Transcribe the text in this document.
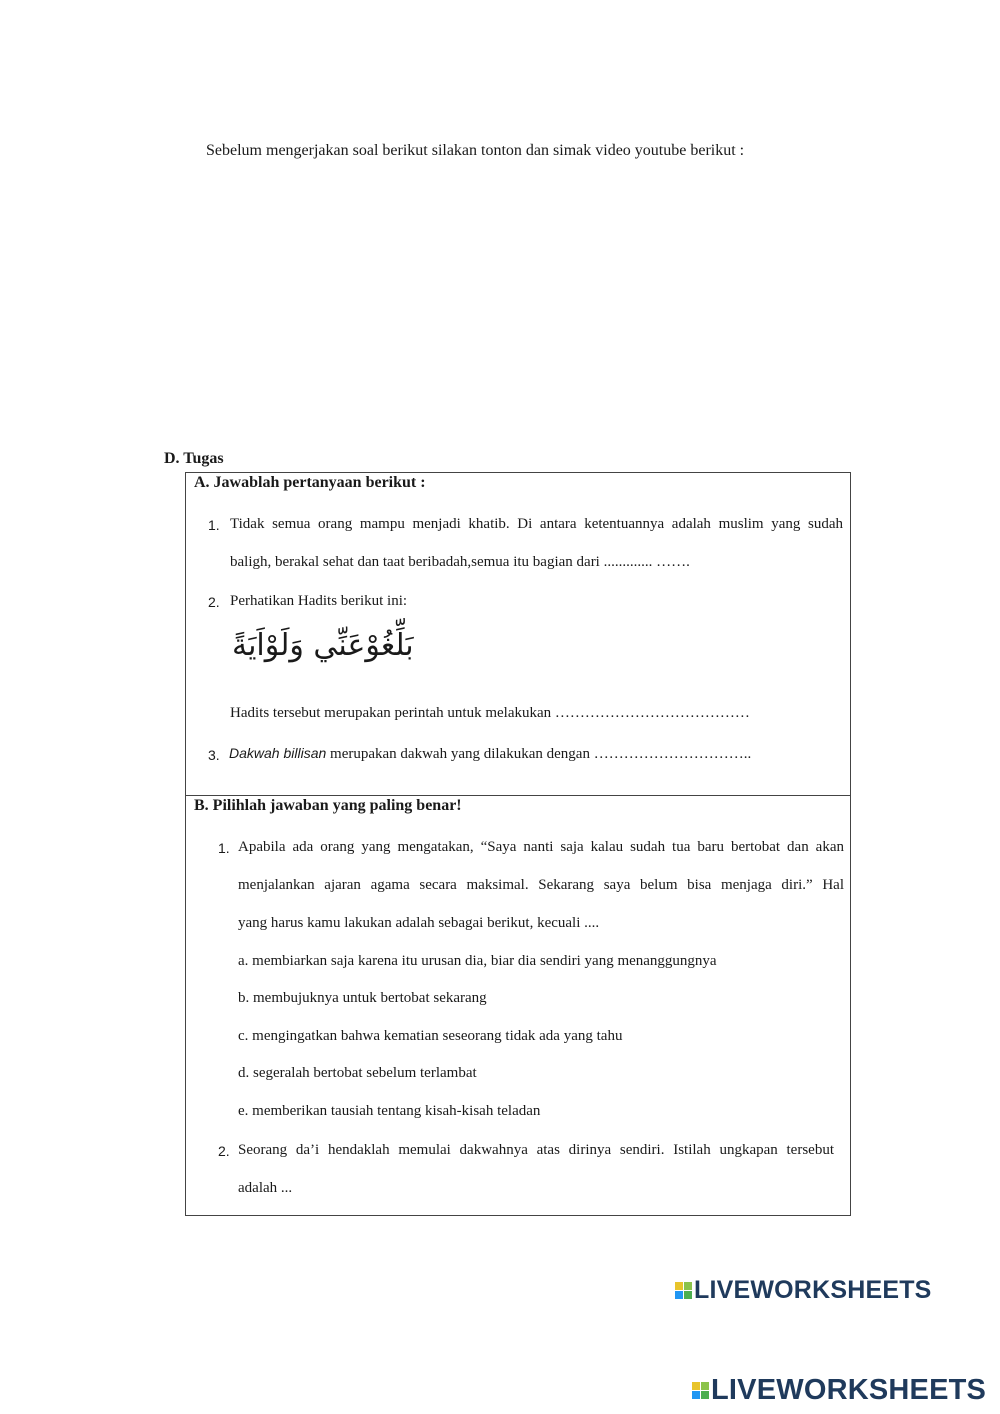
Sebelum mengerjakan soal berikut silakan tonton dan simak video youtube berikut :
D. Tugas
A. Jawablah pertanyaan berikut :
1. Tidak semua orang mampu menjadi khatib. Di antara ketentuannya adalah muslim yang sudah
baligh, berakal sehat dan taat beribadah,semua itu bagian dari ............. …….
2. Perhatikan Hadits berikut ini:
بَلِّغُوْعَنِّي وَلَوْاَيَةً
Hadits tersebut merupakan perintah untuk melakukan …………………………………
3. Dakwah billisan merupakan dakwah yang dilakukan dengan …………………………..
B. Pilihlah jawaban yang paling benar!
1. Apabila ada orang yang mengatakan, “Saya nanti saja kalau sudah tua baru bertobat dan akan
menjalankan ajaran agama secara maksimal. Sekarang saya belum bisa menjaga diri.” Hal
yang harus kamu lakukan adalah sebagai berikut, kecuali ....
a. membiarkan saja karena itu urusan dia, biar dia sendiri yang menanggungnya
b. membujuknya untuk bertobat sekarang
c. mengingatkan bahwa kematian seseorang tidak ada yang tahu
d. segeralah bertobat sebelum terlambat
e. memberikan tausiah tentang kisah-kisah teladan
2. Seorang da’i hendaklah memulai dakwahnya atas dirinya sendiri. Istilah ungkapan tersebut
adalah ...
LIVEWORKSHEETS
LIVEWORKSHEETS
